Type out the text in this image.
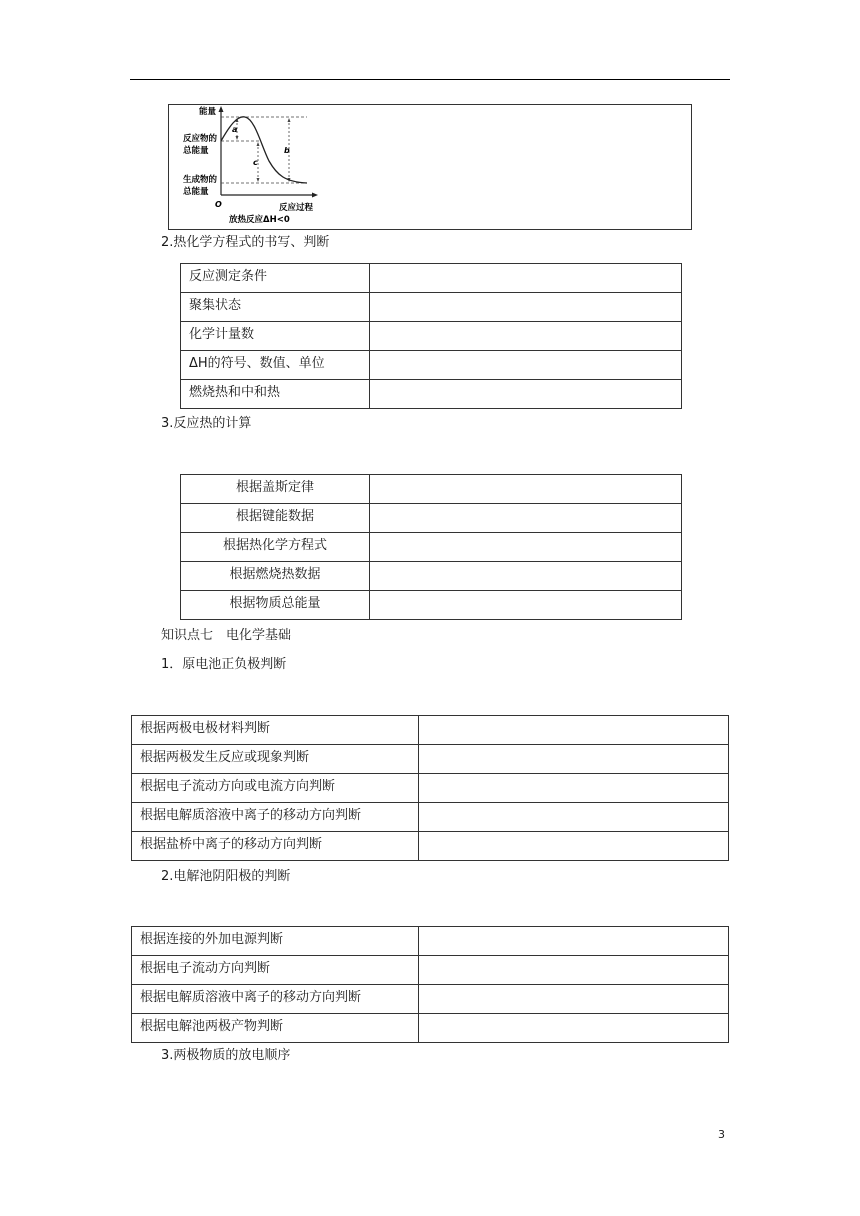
能量
反应物的
总能量
生成物的
总能量
O	反应过程
放热反应ΔH<0
a
c
b
2.热化学方程式的书写、判断
反应测定条件	
聚集状态	
化学计量数	
ΔH的符号、数值、单位	
燃烧热和中和热	
3.反应热的计算
根据盖斯定律	
根据键能数据	
根据热化学方程式	
根据燃烧热数据	
根据物质总能量	
知识点七　电化学基础
1．原电池正负极判断
根据两极电极材料判断	
根据两极发生反应或现象判断	
根据电子流动方向或电流方向判断	
根据电解质溶液中离子的移动方向判断	
根据盐桥中离子的移动方向判断	
2.电解池阴阳极的判断
根据连接的外加电源判断	
根据电子流动方向判断	
根据电解质溶液中离子的移动方向判断	
根据电解池两极产物判断	
3.两极物质的放电顺序
3
